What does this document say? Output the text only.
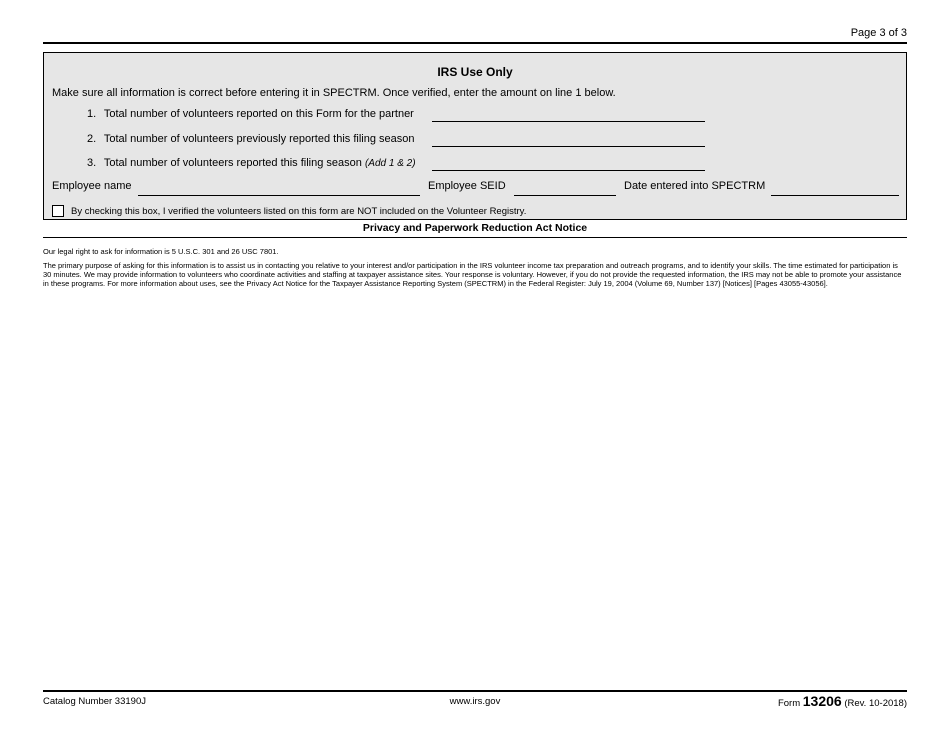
Page 3 of 3
IRS Use Only
Make sure all information is correct before entering it in SPECTRM. Once verified, enter the amount on line 1 below.
1. Total number of volunteers reported on this Form for the partner
2. Total number of volunteers previously reported this filing season
3. Total number of volunteers reported this filing season (Add 1 & 2)
Employee name	Employee SEID	Date entered into SPECTRM
By checking this box, I verified the volunteers listed on this form are NOT included on the Volunteer Registry.
Privacy and Paperwork Reduction Act Notice
Our legal right to ask for information is 5 U.S.C. 301 and 26 USC 7801.
The primary purpose of asking for this information is to assist us in contacting you relative to your interest and/or participation in the IRS volunteer income tax preparation and outreach programs, and to identify your skills. The time estimated for participation is 30 minutes. We may provide information to volunteers who coordinate activities and staffing at taxpayer assistance sites. Your response is voluntary. However, if you do not provide the requested information, the IRS may not be able to promote your assistance in these programs. For more information about uses, see the Privacy Act Notice for the Taxpayer Assistance Reporting System (SPECTRM) in the Federal Register: July 19, 2004 (Volume 69, Number 137) [Notices] [Pages 43055-43056].
Catalog Number 33190J	www.irs.gov	Form 13206 (Rev. 10-2018)
